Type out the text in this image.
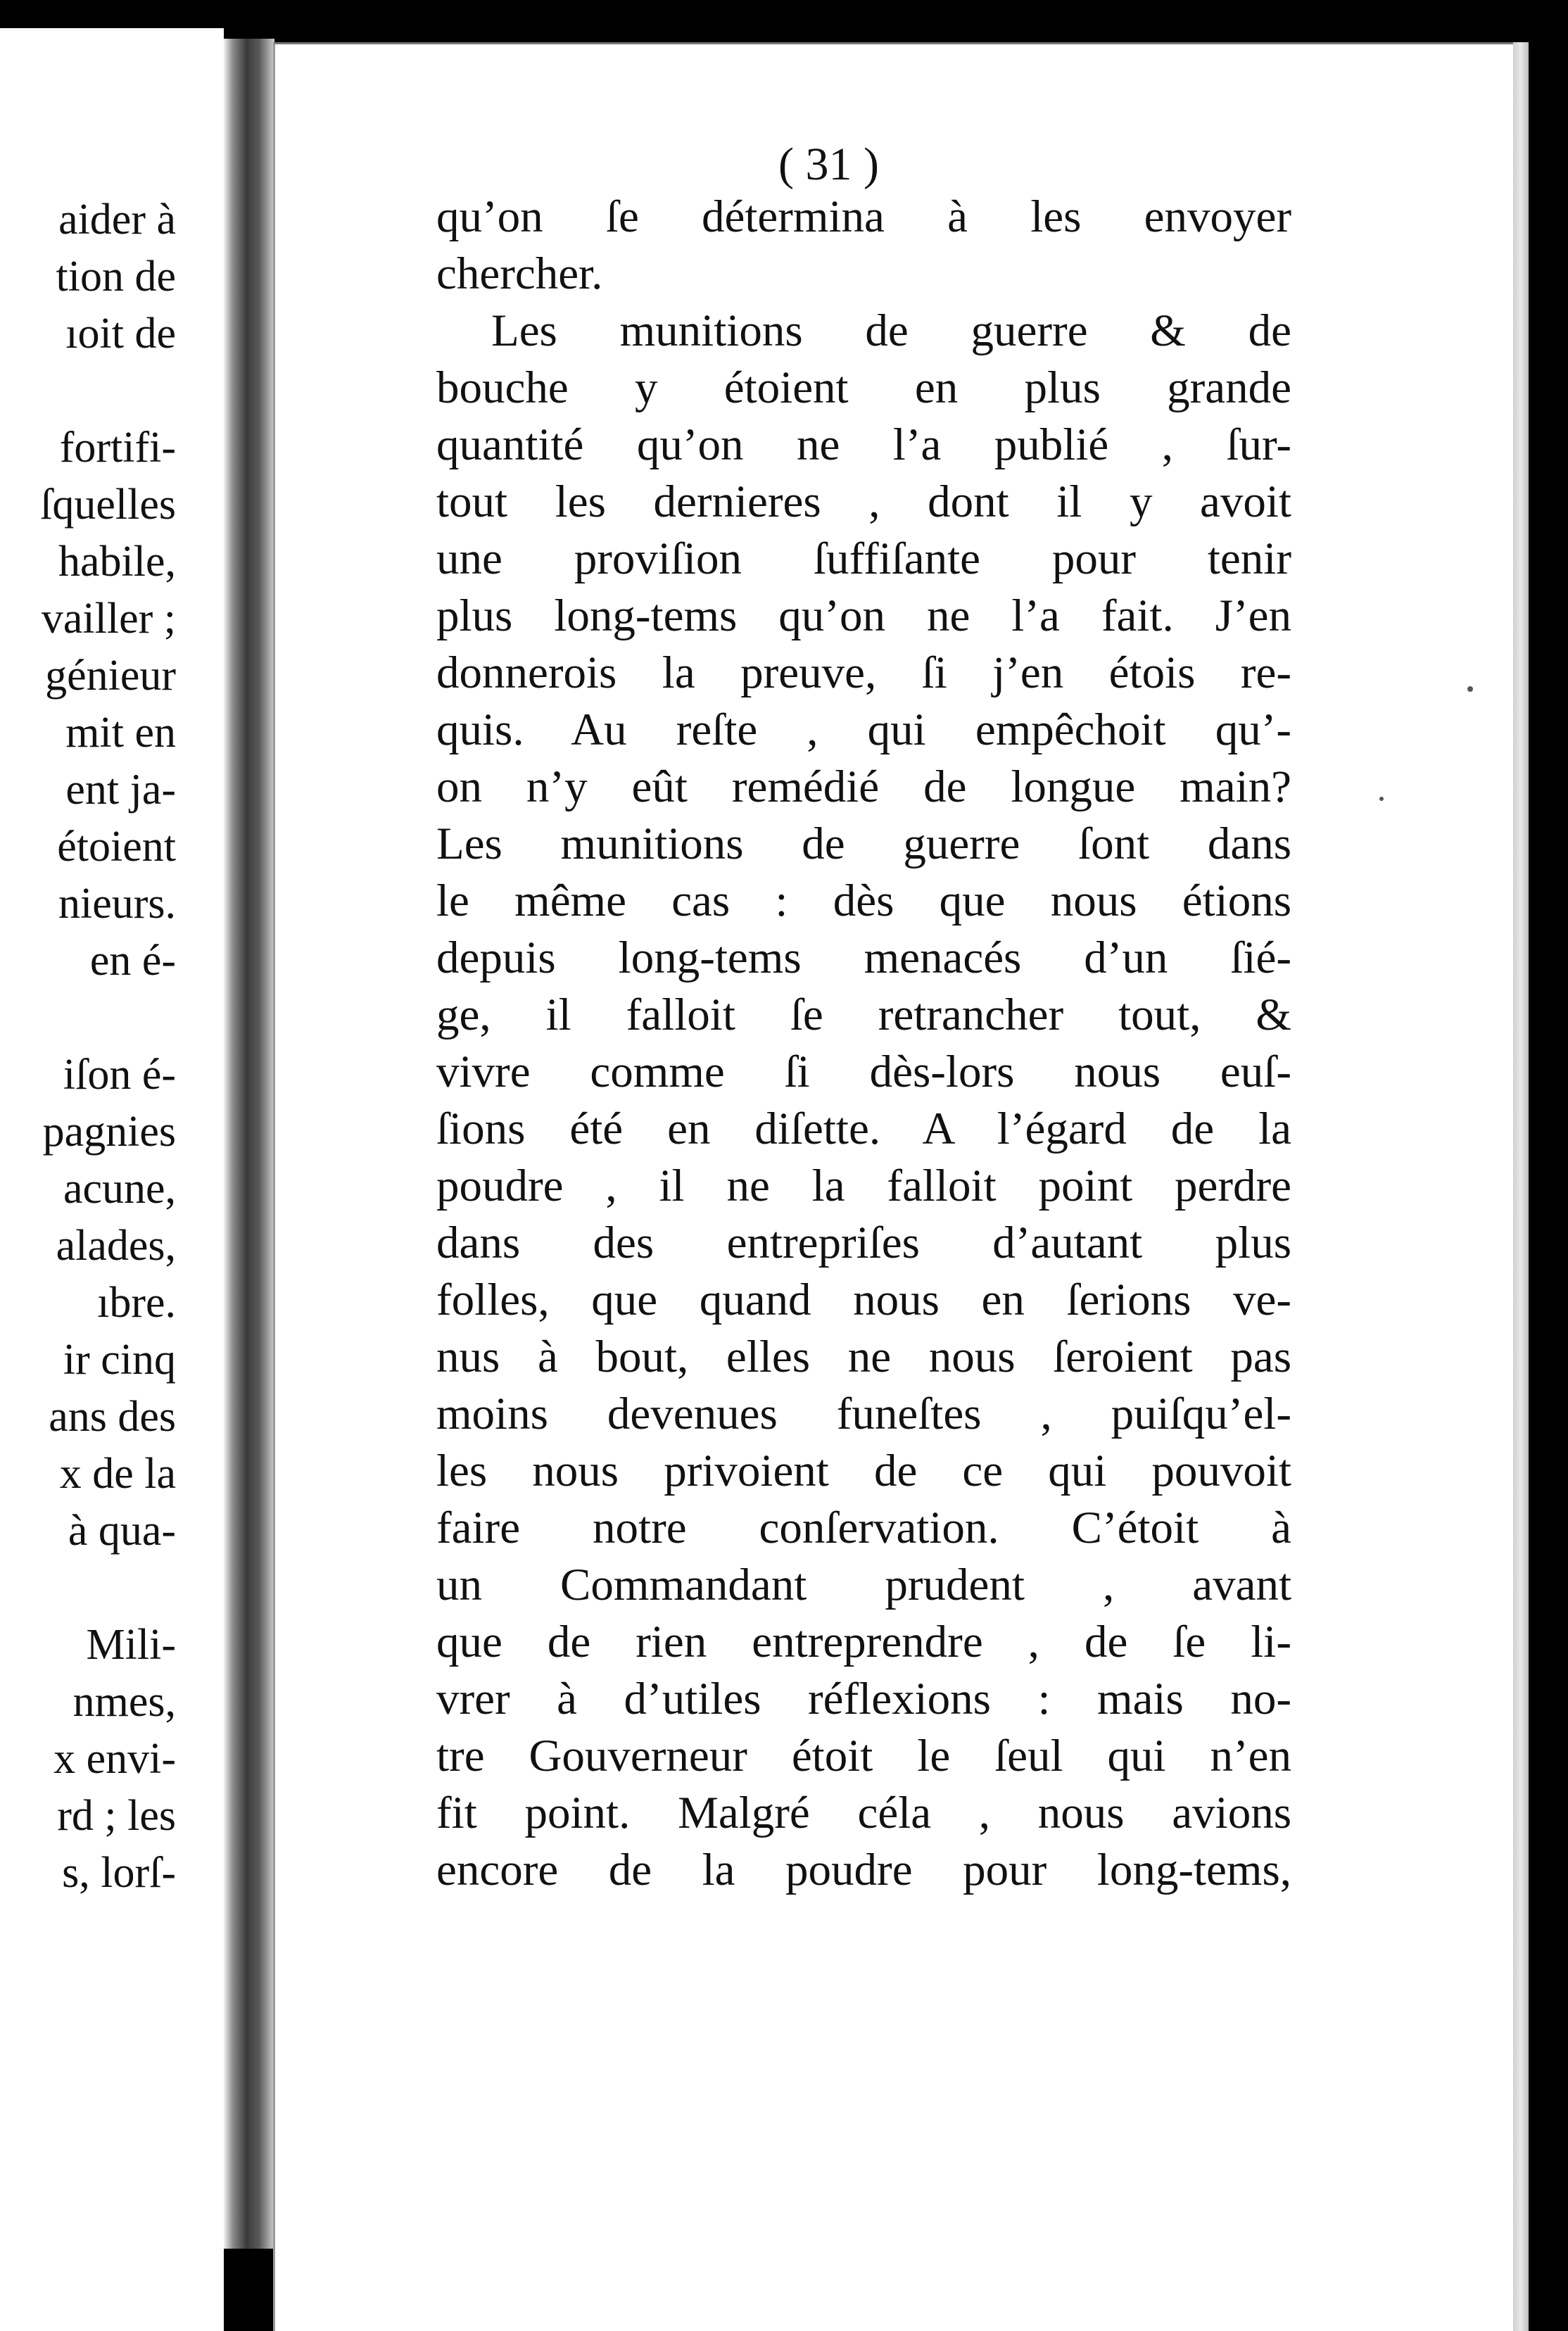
aider à
tion de
ıoit de
fortifi-
ſquelles
habile,
vailler ;
génieur
mit en
ent ja-
étoient
nieurs.
en é-
iſon é-
pagnies
acune,
alades,
ıbre.
ir cinq
ans des
x de la
à qua-
Mili-
nmes,
x envi-
rd ; les
s, lorſ-
( 31 )
qu’on ſe détermina à les envoyer
chercher.
Les munitions de guerre & de
bouche y étoient en plus grande
quantité qu’on ne l’a publié , ſur-
tout les dernieres , dont il y avoit
une proviſion ſuffiſante pour tenir
plus long-tems qu’on ne l’a fait. J’en
donnerois la preuve, ſi j’en étois re-
quis. Au reſte , qui empêchoit qu’-
on n’y eût remédié de longue main?
Les munitions de guerre ſont dans
le même cas : dès que nous étions
depuis long-tems menacés d’un ſié-
ge, il falloit ſe retrancher tout, &
vivre comme ſi dès-lors nous euſ-
ſions été en diſette. A l’égard de la
poudre , il ne la falloit point perdre
dans des entrepriſes d’autant plus
folles, que quand nous en ſerions ve-
nus à bout, elles ne nous ſeroient pas
moins devenues funeſtes , puiſqu’el-
les nous privoient de ce qui pouvoit
faire notre conſervation. C’étoit à
un Commandant prudent , avant
que de rien entreprendre , de ſe li-
vrer à d’utiles réflexions : mais no-
tre Gouverneur étoit le ſeul qui n’en
fit point. Malgré céla , nous avions
encore de la poudre pour long-tems,
